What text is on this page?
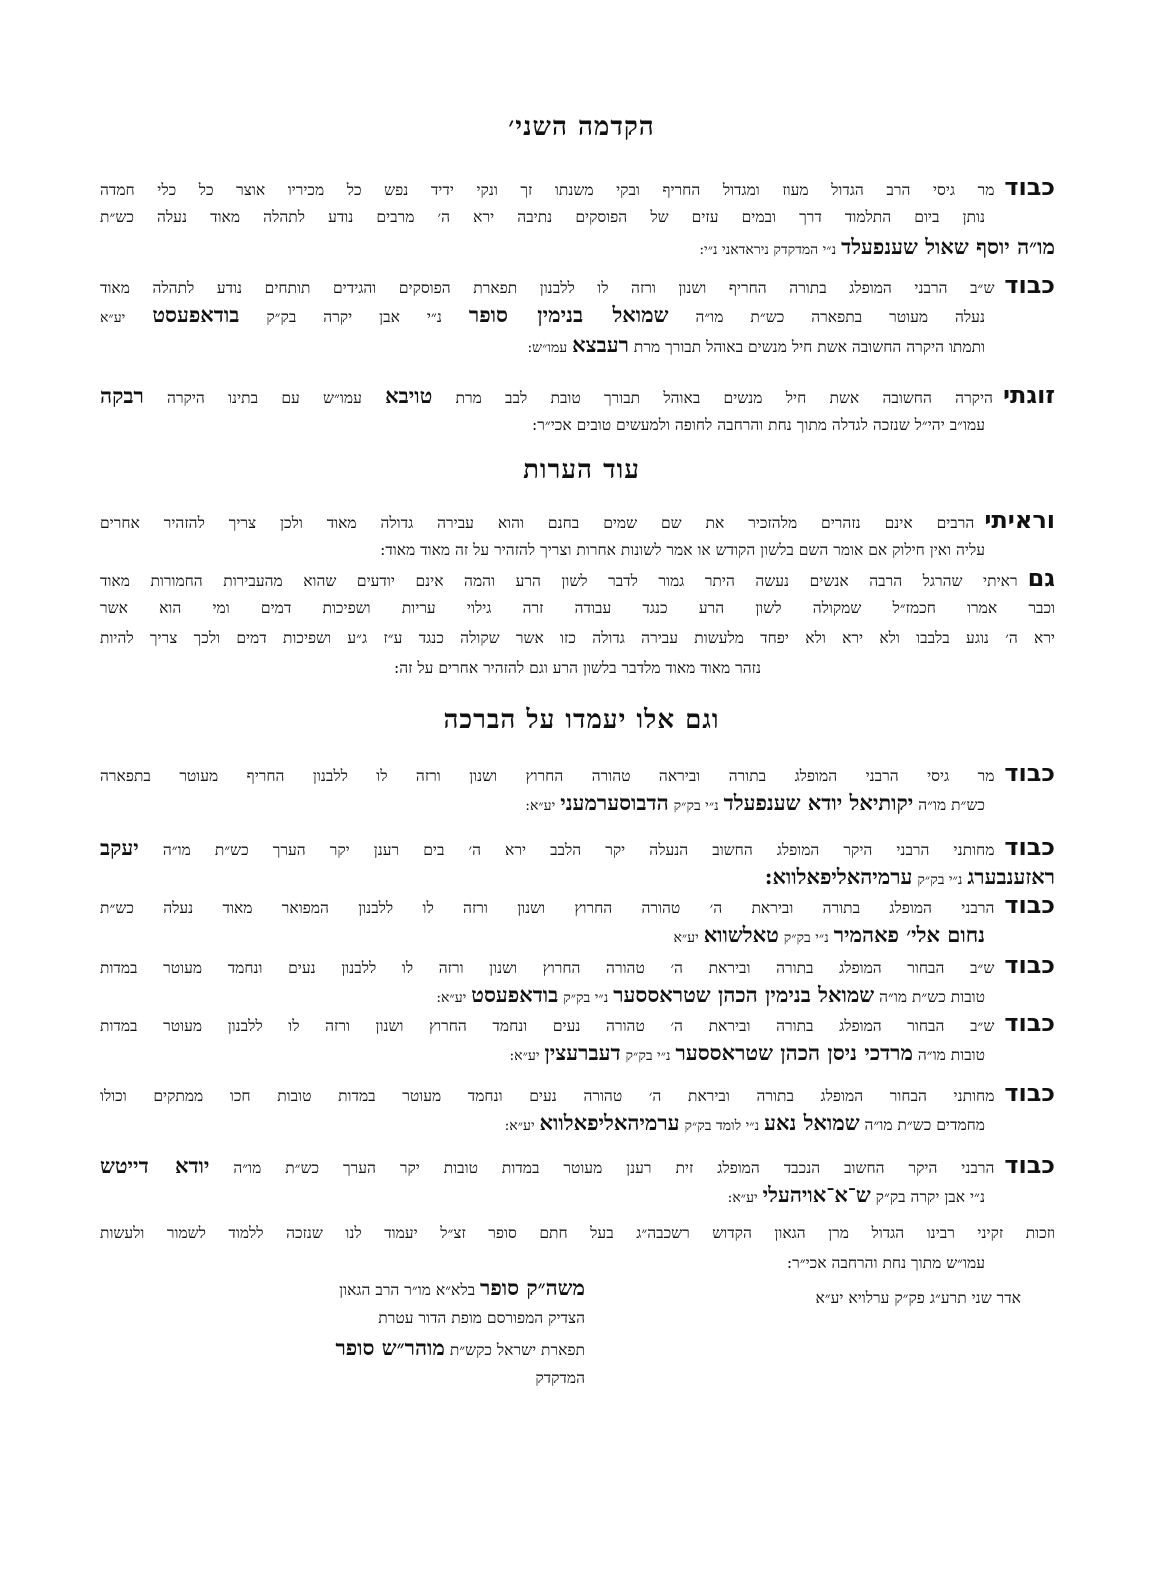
הקדמה השני׳
כבודמר גיסי הרב הגדול מעוז ומגדול החריף ובקי משנתו זך ונקי ידיד נפש כל מכיריו אוצר כל כלי חמדה
נותן ביום התלמוד דרך ובמים עזים של הפוסקים נתיבה ירא ה׳ מרבים נודע לתהלה מאוד נעלה כש״ת
מו״ה יוסף שאול שענפעלד נ״י המדקדק ניראדאני נ״י:
כבודש״ב הרבני המופלג בתורה החריף ושנון ורזה לו ללבנון תפארת הפוסקים והגידים תותחים נודע לתהלה מאוד
נעלה מעוטר בתפארה כש״ת מו״ה שמואל בנימין סופר נ״י אבן יקרה בק״ק בודאפעסט יע״א
ותמתו היקרה החשובה אשת חיל מנשים באוהל תבורך מרת רעבצא עמו״ש:
זוגתיהיקרה החשובה אשת חיל מנשים באוהל תבורך טובת לבב מרת טויבא עמו״ש עם בתינו היקרה רבקה
עמו״ב יהי״ל שנזכה לגדלה מתוך נחת והרחבה לחופה ולמעשים טובים אכי״ר:
עוד הערות
וראיתיהרבים אינם נזהרים מלהזכיר את שם שמים בחנם והוא עבירה גדולה מאוד ולכן צריך להזהיר אחרים
עליה ואין חילוק אם אומר השם בלשון הקודש או אמר לשונות אחרות וצריך להזהיר על זה מאוד מאוד:
גםראיתי שהרגל הרבה אנשים נעשה היתר גמור לדבר לשון הרע והמה אינם יודעים שהוא מהעבירות החמורות מאוד
וכבר אמרו חכמז״ל שמקולה לשון הרע כנגד עבודה זרה גילוי עריות ושפיכות דמים ומי הוא אשר
ירא ה׳ נוגע בלבבו ולא ירא ולא יפחד מלעשות עבירה גדולה כזו אשר שקולה כנגד ע״ז ג״ע ושפיכות דמים ולכך צריך להיות
נזהר מאוד מאוד מלדבר בלשון הרע וגם להזהיר אחרים על זה:
וגם אלו יעמדו על הברכה
כבודמר גיסי הרבני המופלג בתורה וביראה טהורה החרוץ ושנון ורזה לו ללבנון החריף מעוטר בתפארה
כש״ת מו״ה יקותיאל יודא שענפעלד נ״י בק״ק הדבוסערמעני יע״א:
כבודמחותני הרבני היקר המופלג החשוב הנעלה יקר הלבב ירא ה׳ בים רענן יקר הערך כש״ת מו״ה יעקב
ראזענבערג נ״י בק״ק ערמיהאליפאלווא:
כבודהרבני המופלג בתורה וביראת ה׳ טהורה החרוץ ושנון ורזה לו ללבנון המפואר מאוד נעלה כש״ת
נחום אלי׳ פאהמיר נ״י בק״ק טאלשווא יע״א
כבודש״ב הבחור המופלג בתורה וביראת ה׳ טהורה החרוץ ושנון ורזה לו ללבנון נעים ונחמד מעוטר במדות
טובות כש״ת מו״ה שמואל בנימין הכהן שטראססער נ״י בק״ק בודאפעסט יע״א:
כבודש״ב הבחור המופלג בתורה וביראת ה׳ טהורה נעים ונחמד החרוץ ושנון ורזה לו ללבנון מעוטר במדות
טובות מו״ה מרדכי ניסן הכהן שטראססער נ״י בק״ק דעברעצין יע״א:
כבודמחותני הבחור המופלג בתורה וביראת ה׳ טהורה נעים ונחמד מעוטר במדות טובות חכו ממתקים וכולו
מחמדים כש״ת מו״ה שמואל נאע נ״י לומד בק״ק ערמיהאליפאלווא יע״א:
כבודהרבני היקר החשוב הנכבד המופלג זית רענן מעוטר במדות טובות יקר הערך כש״ת מו״ה יודא דייטש
נ״י אבן יקרה בק״ק ש־א־אויהעלי יע״א:
וזכות זקיני רבינו הגדול מרן הגאון הקדוש רשכבה״ג בעל חתם סופר זצ״ל יעמוד לנו שנזכה ללמוד לשמור ולעשות
עמו״ש מתוך נחת והרחבה אכי״ר:
אדר שני תרע״ג פק״ק ערלויא יע״א
משה״ק סופר בלא״א מו״ר הרב הגאון
הצדיק המפורסם מופת הדור עטרת
תפארת ישראל כקש״ת מוהר״ש סופר
המדקדק
